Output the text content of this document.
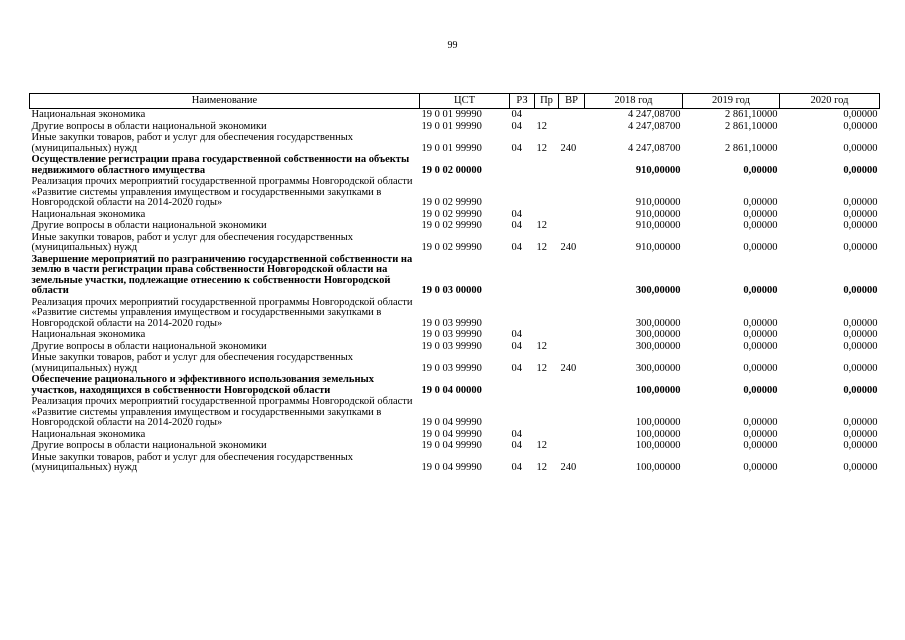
99
Наименование	ЦСТ	РЗ	Пр	ВР	2018 год	2019 год	2020 год
Национальная экономика	19 0 01 99990	04			4 247,08700	2 861,10000	0,00000
Другие вопросы в области национальной экономики	19 0 01 99990	04	12		4 247,08700	2 861,10000	0,00000
Иные закупки товаров, работ и услуг для обеспечения государственных (муниципальных) нужд	19 0 01 99990	04	12	240	4 247,08700	2 861,10000	0,00000
Осуществление регистрации права государственной собственности на объекты недвижимого областного имущества	19 0 02 00000				910,00000	0,00000	0,00000
Реализация прочих мероприятий государственной программы Новгородской области «Развитие системы управления имуществом и государственными закупками в Новгородской области на 2014-2020 годы»	19 0 02 99990				910,00000	0,00000	0,00000
Национальная экономика	19 0 02 99990	04			910,00000	0,00000	0,00000
Другие вопросы в области национальной экономики	19 0 02 99990	04	12		910,00000	0,00000	0,00000
Иные закупки товаров, работ и услуг для обеспечения государственных (муниципальных) нужд	19 0 02 99990	04	12	240	910,00000	0,00000	0,00000
Завершение мероприятий по разграничению государственной собственности на землю в части регистрации права собственности Новгородской области на земельные участки, подлежащие отнесению к собственности Новгородской области	19 0 03 00000				300,00000	0,00000	0,00000
Реализация прочих мероприятий государственной программы Новгородской области «Развитие системы управления имуществом и государственными закупками в Новгородской области на 2014-2020 годы»	19 0 03 99990				300,00000	0,00000	0,00000
Национальная экономика	19 0 03 99990	04			300,00000	0,00000	0,00000
Другие вопросы в области национальной экономики	19 0 03 99990	04	12		300,00000	0,00000	0,00000
Иные закупки товаров, работ и услуг для обеспечения государственных (муниципальных) нужд	19 0 03 99990	04	12	240	300,00000	0,00000	0,00000
Обеспечение рационального и эффективного использования земельных участков, находящихся в собственности Новгородской области	19 0 04 00000				100,00000	0,00000	0,00000
Реализация прочих мероприятий государственной программы Новгородской области «Развитие системы управления имуществом и государственными закупками в Новгородской области на 2014-2020 годы»	19 0 04 99990				100,00000	0,00000	0,00000
Национальная экономика	19 0 04 99990	04			100,00000	0,00000	0,00000
Другие вопросы в области национальной экономики	19 0 04 99990	04	12		100,00000	0,00000	0,00000
Иные закупки товаров, работ и услуг для обеспечения государственных (муниципальных) нужд	19 0 04 99990	04	12	240	100,00000	0,00000	0,00000
